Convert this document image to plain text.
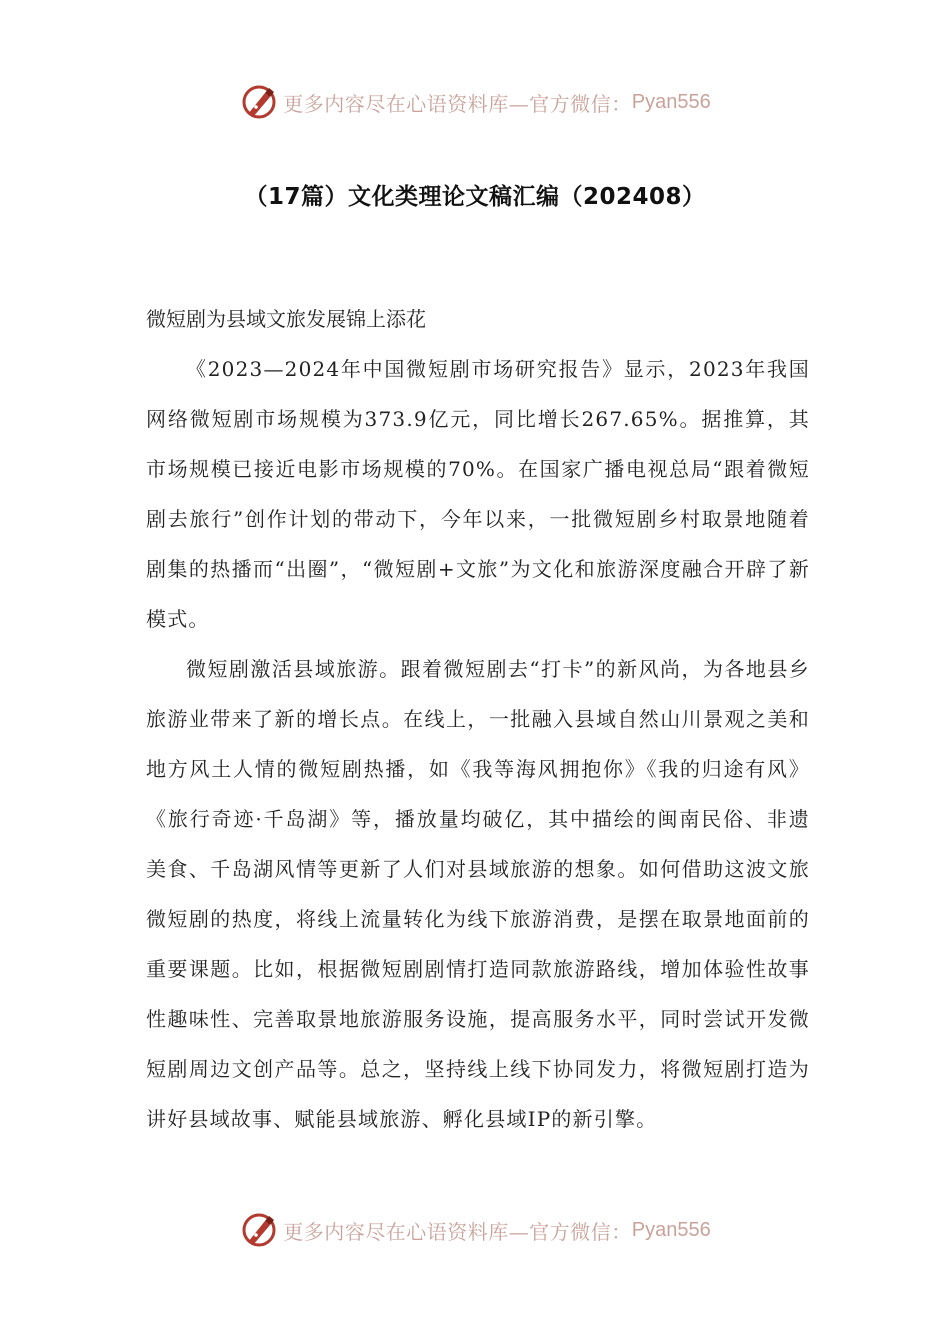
更多内容尽在心语资料库—官方微信： Pyan556
（17篇）文化类理论文稿汇编（202408）
微短剧为县域文旅发展锦上添花

《2023—2024年中国微短剧市场研究报告》显示，2023年我国网络微短剧市场规模为373.9亿元，同比增长267.65%。据推算，其市场规模已接近电影市场规模的70%。在国家广播电视总局“跟着微短剧去旅行”创作计划的带动下，今年以来，一批微短剧乡村取景地随着剧集的热播而“出圈”，“微短剧+文旅”为文化和旅游深度融合开辟了新模式。

微短剧激活县域旅游。跟着微短剧去“打卡”的新风尚，为各地县乡旅游业带来了新的增长点。在线上，一批融入县域自然山川景观之美和地方风土人情的微短剧热播，如《我等海风拥抱你》《我的归途有风》《旅行奇迹·千岛湖》等，播放量均破亿，其中描绘的闽南民俗、非遗美食、千岛湖风情等更新了人们对县域旅游的想象。如何借助这波文旅微短剧的热度，将线上流量转化为线下旅游消费，是摆在取景地面前的重要课题。比如，根据微短剧剧情打造同款旅游路线，增加体验性故事性趣味性、完善取景地旅游服务设施，提高服务水平，同时尝试开发微短剧周边文创产品等。总之，坚持线上线下协同发力，将微短剧打造为讲好县域故事、赋能县域旅游、孵化县域IP的新引擎。

更多内容尽在心语资料库—官方微信： Pyan556
